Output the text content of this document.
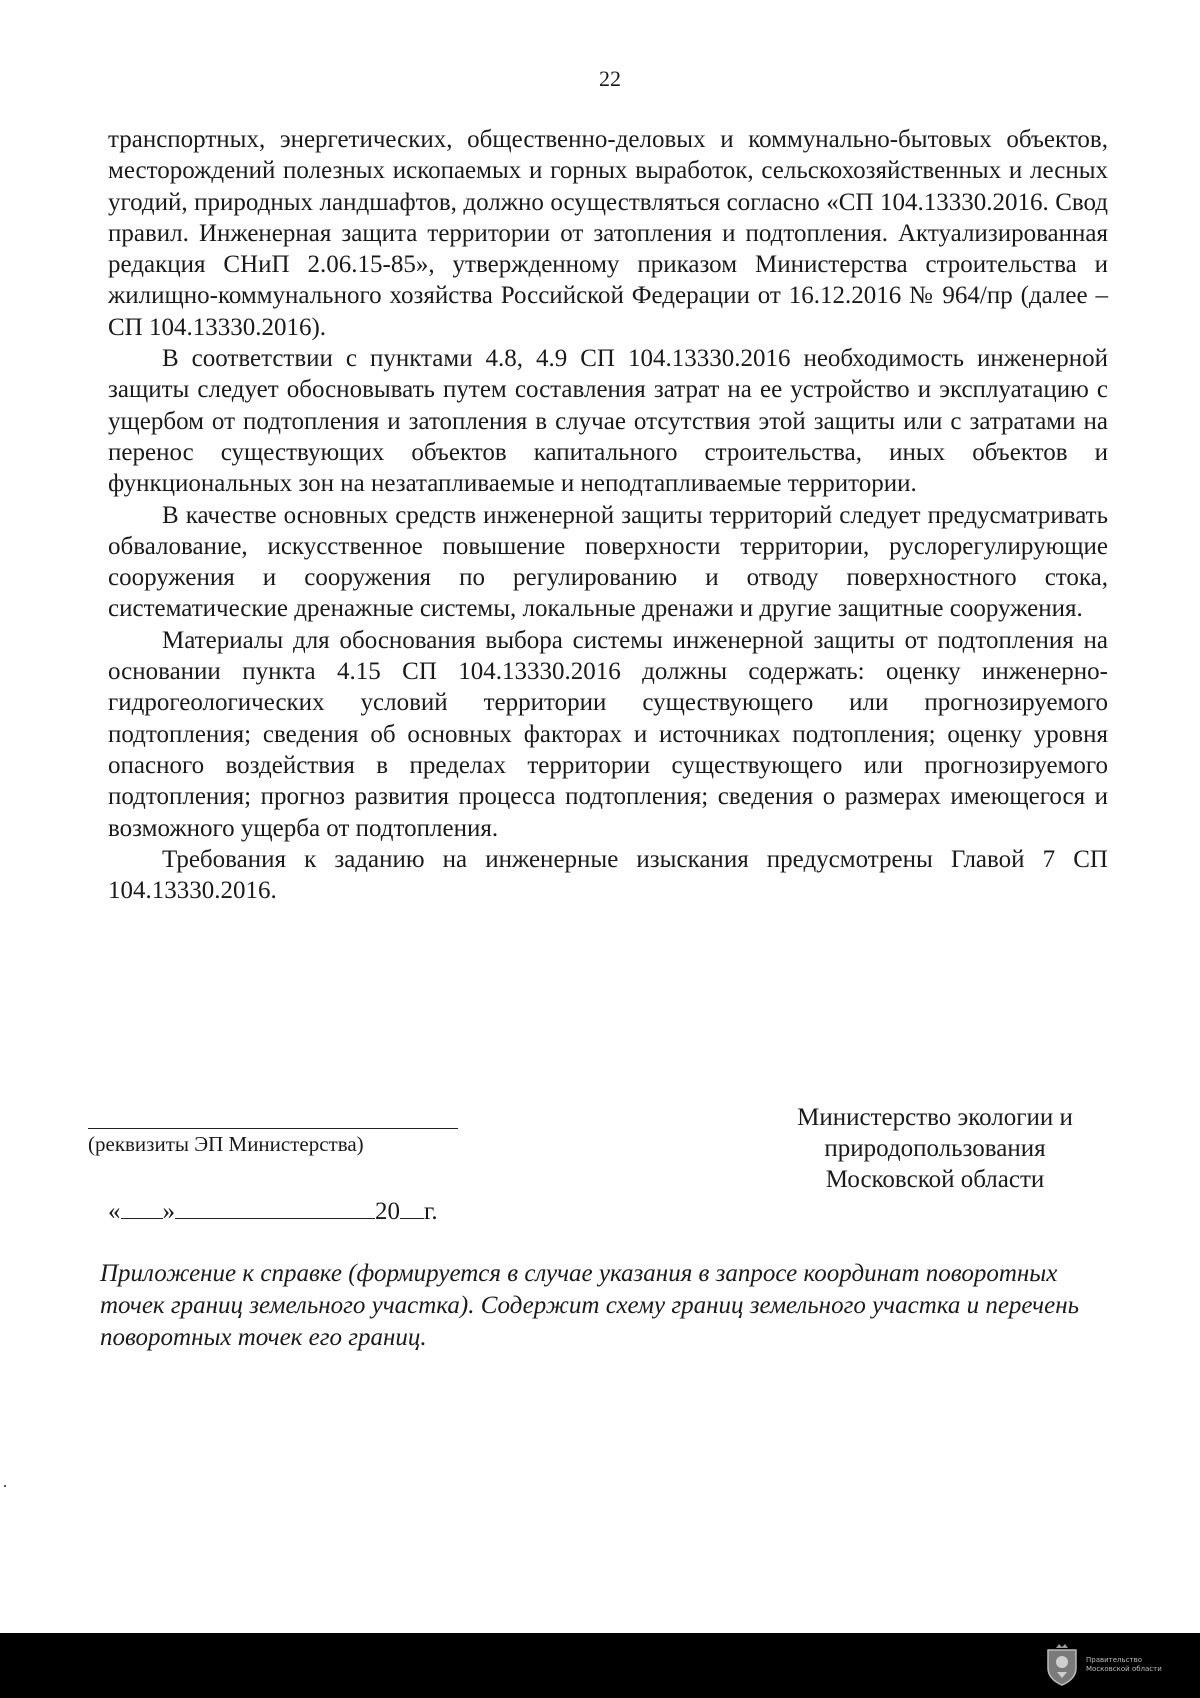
22

транспортных, энергетических, общественно-деловых и коммунально-бытовых объектов, месторождений полезных ископаемых и горных выработок, сельскохозяйственных и лесных угодий, природных ландшафтов, должно осуществляться согласно «СП 104.13330.2016. Свод правил. Инженерная защита территории от затопления и подтопления. Актуализированная редакция СНиП 2.06.15-85», утвержденному приказом Министерства строительства и жилищно-коммунального хозяйства Российской Федерации от 16.12.2016 № 964/пр (далее – СП 104.13330.2016).

В соответствии с пунктами 4.8, 4.9 СП 104.13330.2016 необходимость инженерной защиты следует обосновывать путем составления затрат на ее устройство и эксплуатацию с ущербом от подтопления и затопления в случае отсутствия этой защиты или с затратами на перенос существующих объектов капитального строительства, иных объектов и функциональных зон на незатапливаемые и неподтапливаемые территории.

В качестве основных средств инженерной защиты территорий следует предусматривать обвалование, искусственное повышение поверхности территории, руслорегулирующие сооружения и сооружения по регулированию и отводу поверхностного стока, систематические дренажные системы, локальные дренажи и другие защитные сооружения.

Материалы для обоснования выбора системы инженерной защиты от подтопления на основании пункта 4.15 СП 104.13330.2016 должны содержать: оценку инженерно-гидрогеологических условий территории существующего или прогнозируемого подтопления; сведения об основных факторах и источниках подтопления; оценку уровня опасного воздействия в пределах территории существующего или прогнозируемого подтопления; прогноз развития процесса подтопления; сведения о размерах имеющегося и возможного ущерба от подтопления.

Требования к заданию на инженерные изыскания предусмотрены Главой 7 СП 104.13330.2016.

(реквизиты ЭП Министерства)
Министерство экологии и
природопользования
Московской области
« »	20 г.
Приложение к справке (формируется в случае указания в запросе координат поворотных точек границ земельного участка). Содержит схему границ земельного участка и перечень поворотных точек его границ.
Правительство
Московской области
